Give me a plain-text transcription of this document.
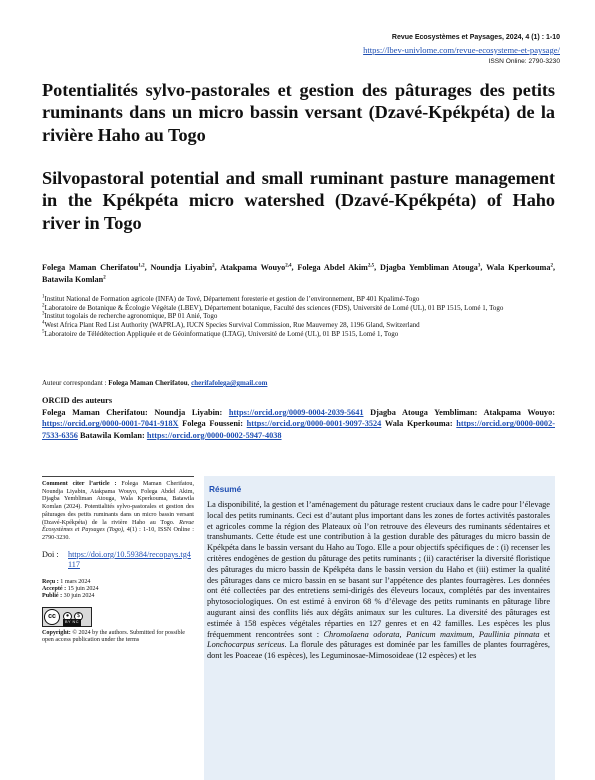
Revue Ecosystèmes et Paysages, 2024, 4 (1) : 1-10
https://lbev-univlome.com/revue-ecosysteme-et-paysage/
ISSN Online: 2790-3230
Potentialités sylvo-pastorales et gestion des pâturages des petits ruminants dans un micro bassin versant (Dzavé-Kpékpéta) de la rivière Haho au Togo
Silvopastoral potential and small ruminant pasture management in the Kpékpéta micro watershed (Dzavé-Kpékpéta) of Haho river in Togo
Folega Maman Cherifatou$^{1,2}$, Noundja Liyabin$^2$, Atakpama Wouyo$^{2,4}$, Folega Abdel Akim$^{2,5}$, Djagba Yembliman Atouga$^3$, Wala Kperkouma$^2$, Batawila Komlan$^2$
$^1$Institut National de Formation agricole (INFA) de Tové, Département foresterie et gestion de l’environnement, BP 401 Kpalimé-Togo
$^2$Laboratoire de Botanique & Écologie Végétale (LBEV), Département botanique, Faculté des sciences (FDS), Université de Lomé (UL), 01 BP 1515, Lomé 1, Togo
$^3$Institut togolais de recherche agronomique, BP 01 Anié, Togo
$^4$West Africa Plant Red List Authority (WAPRLA), IUCN Species Survival Commission, Rue Mauverney 28, 1196 Gland, Switzerland
$^5$Laboratoire de Télédétection Appliquée et de Géoinformatique (LTAG), Université de Lomé (UL), 01 BP 1515, Lomé 1, Togo
Auteur correspondant : Folega Maman Cherifatou, cherifafolega@gmail.com
ORCID des auteurs
Folega Maman Cherifatou: Noundja Liyabin: https://orcid.org/0009-0004-2039-5641 Djagba Atouga Yembliman: Atakpama Wouyo: https://orcid.org/0000-0001-7041-918X Folega Fousseni: https://orcid.org/0000-0001-9097-3524 Wala Kperkouma: https://orcid.org/0000-0002-7533-6356 Batawila Komlan: https://orcid.org/0000-0002-5947-4038
Comment citer l’article : Folega Maman Cherifatou, Noundja Liyabin, Atakpama Wouyo, Folega Abdel Akim, Djagba Yembliman Atouga, Wala Kperkouma, Batawila Komlan (2024). Potentialités sylvo-pastorales et gestion des pâturages des petits ruminants dans un micro bassin versant (Dzavé-Kpékpéta) de la rivière Haho au Togo. Revue Écosystèmes et Paysages (Togo), 4(1) : 1-10, ISSN Online : 2790-3230.
Doi :	https://doi.org/10.59384/recopays.tg4117
Reçu : 1 mars 2024
Accepté : 15 juin 2024
Publié : 30 juin 2024
cc	●	$
BY NC
Copyright: © 2024 by the authors. Submitted for possible open access publication under the terms
Résumé
La disponibilité, la gestion et l’aménagement du pâturage restent cruciaux dans le cadre pour l’élevage local des petits ruminants. Ceci est d’autant plus important dans les zones de fortes activités pastorales et agricoles comme la région des Plateaux où l’on retrouve des éleveurs des ruminants sédentaires et transhumants. Cette étude est une contribution à la gestion durable des pâturages du micro bassin de Kpékpéta dans le bassin versant du Haho au Togo. Elle a pour objectifs spécifiques de : (i) recenser les critères endogènes de gestion du pâturage des petits ruminants ; (ii) caractériser la diversité floristique des pâturages du micro bassin de Kpékpéta dans le bassin version du Haho et (iii) estimer la qualité des pâturages dans ce micro bassin en se basant sur l’appétence des plantes fourragères. Les données ont été collectées par des entretiens semi-dirigés des éleveurs locaux, complétés par des inventaires phytosociologiques. On est estimé à environ 68 % d’élevage des petits ruminants en pâturage libre augurant ainsi des conflits liés aux dégâts animaux sur les cultures. La diversité des pâturages est estimée à 158 espèces végétales réparties en 127 genres et en 42 familles. Les espèces les plus fréquemment rencontrées sont : Chromolaena odorata, Panicum maximum, Paullinia pinnata et Lonchocarpus sericeus. La florule des pâturages est dominée par les familles de plantes fourragères, dont les Poaceae (16 espèces), les Leguminosae-Mimosoideae (12 espèces) et les
